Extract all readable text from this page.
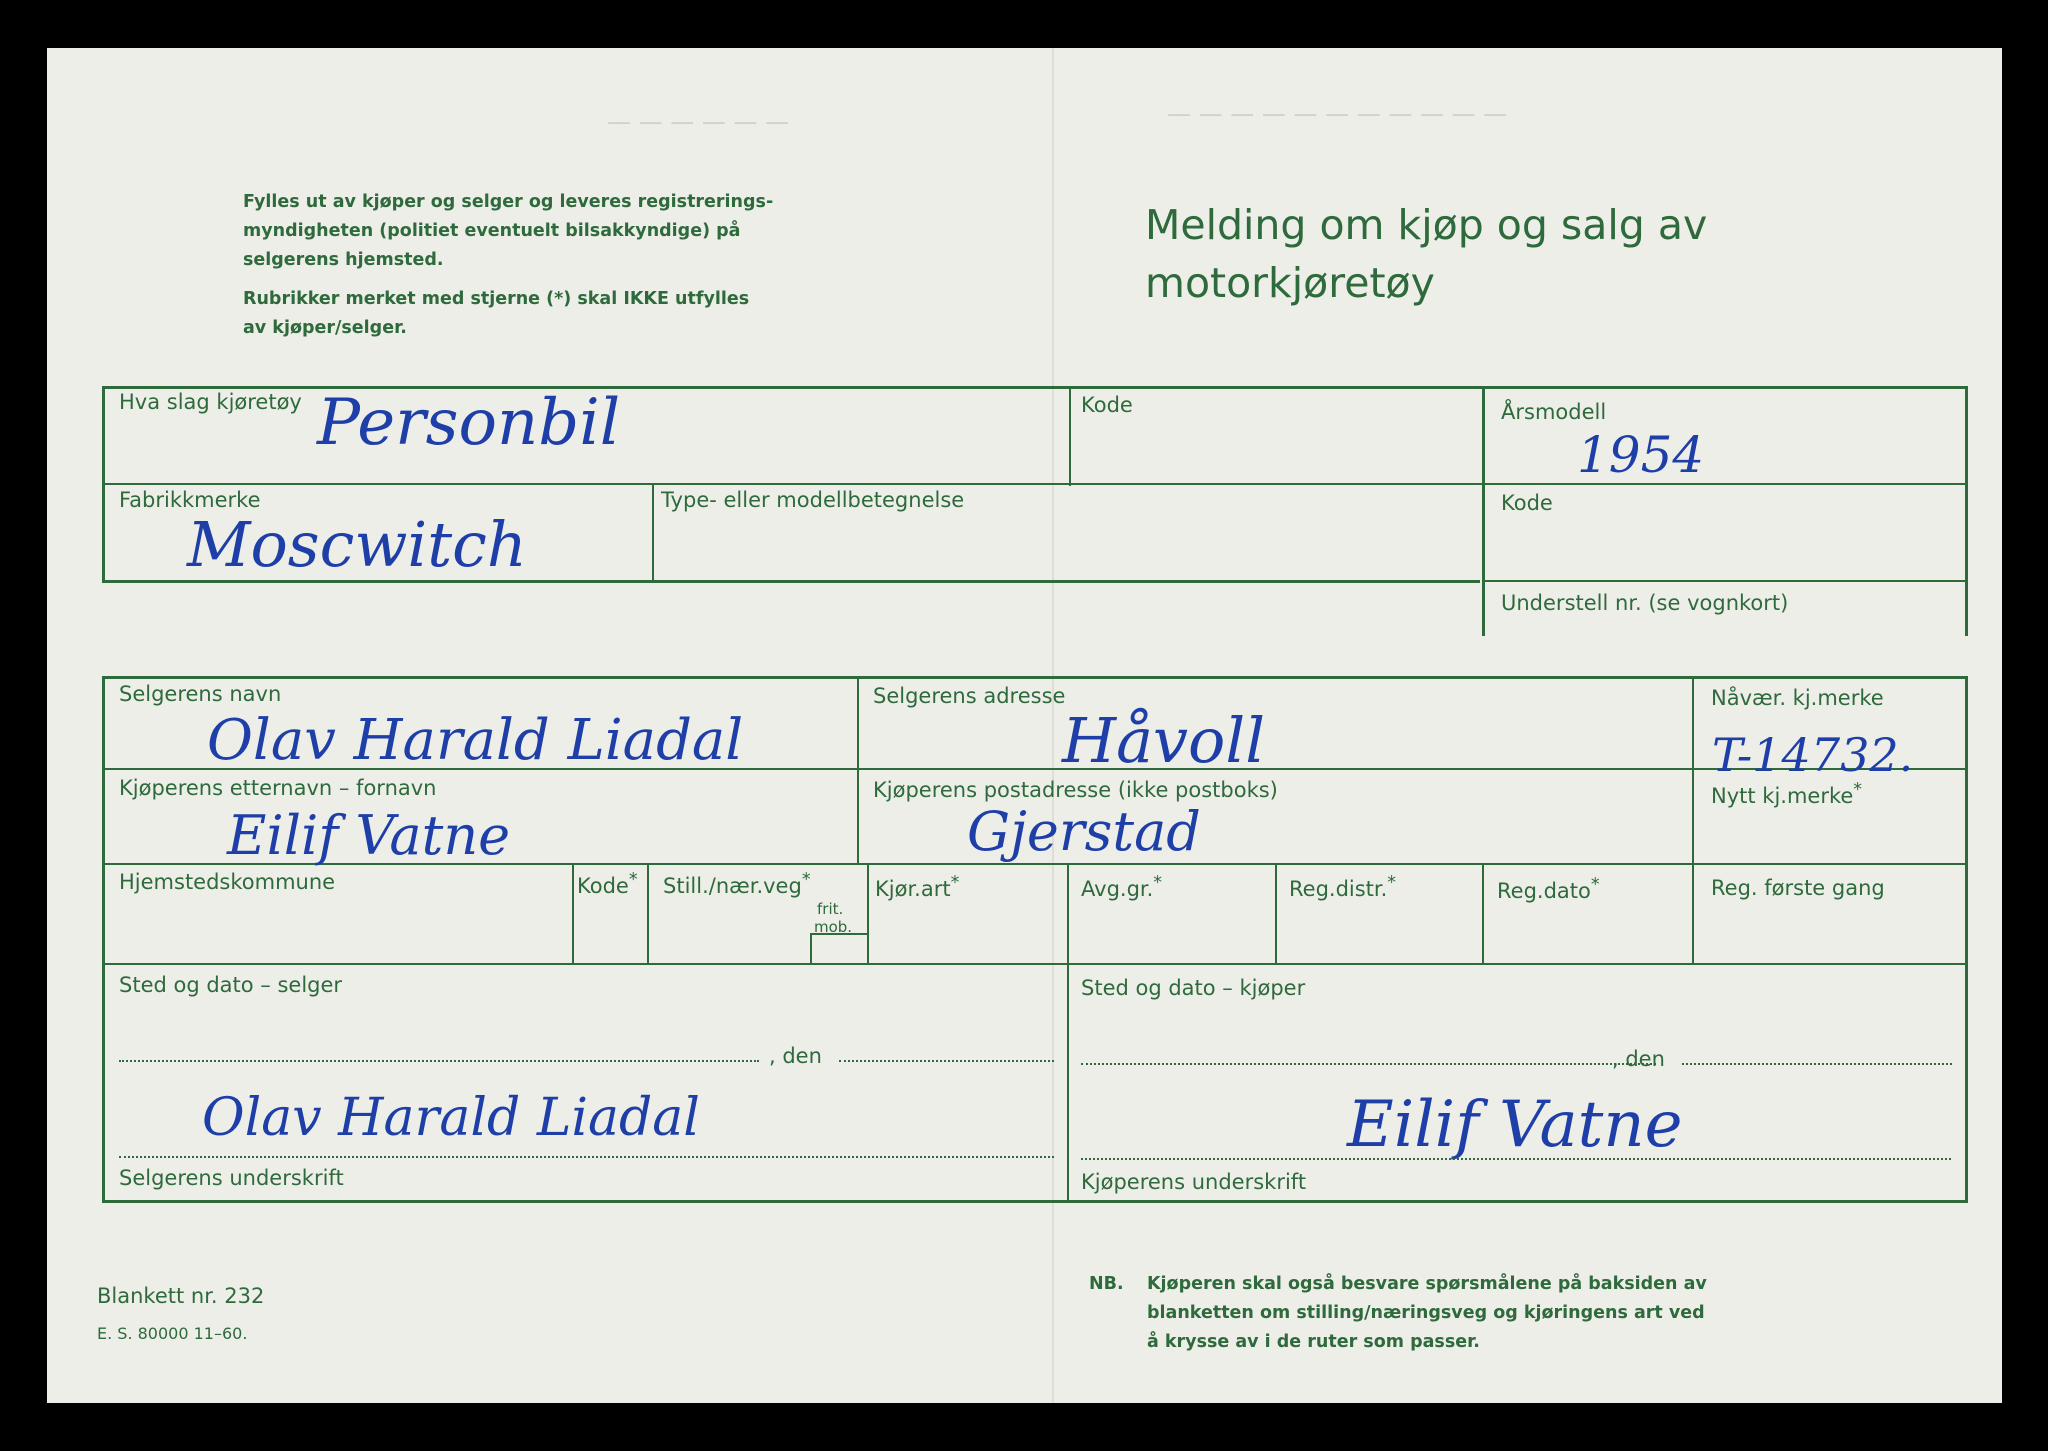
— — — — — — — — — — —
— — — — — —
Fylles ut av kjøper og selger og leveres registrerings-
myndigheten (politiet eventuelt bilsakkyndige) på
selgerens hjemsted.
Rubrikker merket med stjerne (*) skal IKKE utfylles
av kjøper/selger.
Melding om kjøp og salg av
motorkjøretøy
Hva slag kjøretøy Personbil	Kode	Årsmodell
1954
Fabrikkmerke
Moscwitch
Type- eller modellbetegnelse	Kode
Understell nr. (se vognkort)
Selgerens navn
Olav Harald Liadal
Selgerens adresse
Håvoll
Nåvær. kj.merke
T-14732.
Kjøperens etternavn – fornavn
Eilif Vatne
Kjøperens postadresse (ikke postboks)
Gjerstad
Nytt kj.merke*
Hjemstedskommune	Kode* Still./nær.veg*
frit.
mob.
Kjør.art*	Avg.gr.*	Reg.distr.*	Reg.dato*	Reg. første gang
Sted og dato – selger
, den
Olav Harald Liadal
Selgerens underskrift
Sted og dato – kjøper
, den
Eilif Vatne
Kjøperens underskrift
Blankett nr. 232
E. S. 80000 11–60.
NB. Kjøperen skal også besvare spørsmålene på baksiden av
blanketten om stilling/næringsveg og kjøringens art ved
å krysse av i de ruter som passer.
